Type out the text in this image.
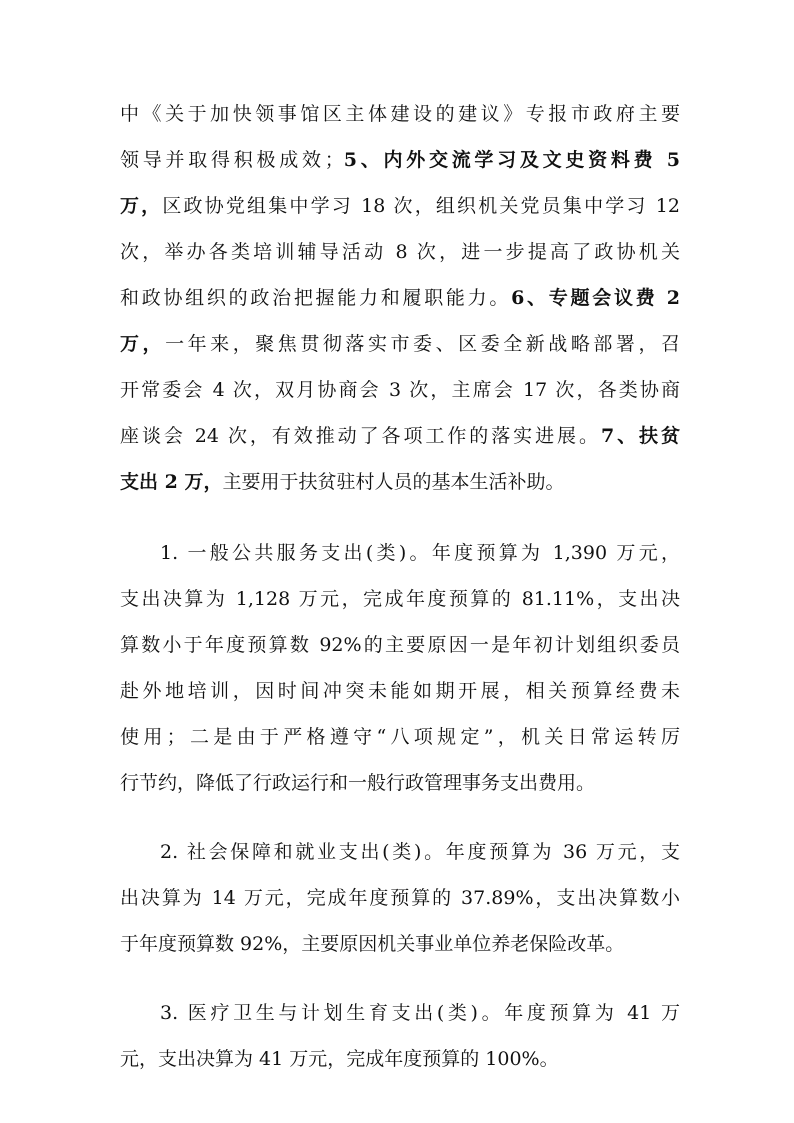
中《关于加快领事馆区主体建设的建议》专报市政府主要
领导并取得积极成效；5、内外交流学习及文史资料费 5
万，区政协党组集中学习 18 次，组织机关党员集中学习 12
次，举办各类培训辅导活动 8 次，进一步提高了政协机关
和政协组织的政治把握能力和履职能力。6、专题会议费 2
万，一年来，聚焦贯彻落实市委、区委全新战略部署，召
开常委会 4 次，双月协商会 3 次，主席会 17 次，各类协商
座谈会 24 次，有效推动了各项工作的落实进展。7、扶贫
支出 2 万，主要用于扶贫驻村人员的基本生活补助。
1. 一般公共服务支出(类)。年度预算为 1,390 万元，
支出决算为 1,128 万元，完成年度预算的 81.11%，支出决
算数小于年度预算数 92%的主要原因一是年初计划组织委员
赴外地培训，因时间冲突未能如期开展，相关预算经费未
使用；二是由于严格遵守“八项规定”，机关日常运转厉
行节约，降低了行政运行和一般行政管理事务支出费用。
2. 社会保障和就业支出(类)。年度预算为 36 万元，支
出决算为 14 万元，完成年度预算的 37.89%，支出决算数小
于年度预算数 92%，主要原因机关事业单位养老保险改革。
3. 医疗卫生与计划生育支出(类)。年度预算为 41 万
元，支出决算为 41 万元，完成年度预算的 100%。
